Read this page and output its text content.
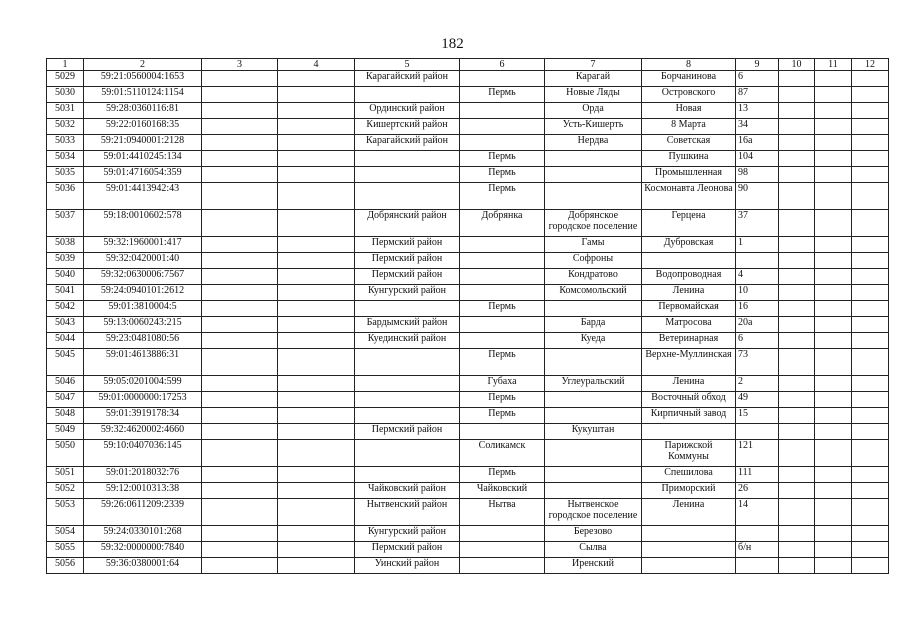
182
1	2	3	4	5	6	7	8	9	10	11	12
5029	59:21:0560004:1653			Карагайский район		Карагай	Борчанинова	6			
5030	59:01:5110124:1154				Пермь	Новые Ляды	Островского	87			
5031	59:28:0360116:81			Ординский район		Орда	Новая	13			
5032	59:22:0160168:35			Кишертский район		Усть-Кишерть	8 Марта	34			
5033	59:21:0940001:2128			Карагайский район		Нердва	Советская	16а			
5034	59:01:4410245:134				Пермь		Пушкина	104			
5035	59:01:4716054:359				Пермь		Промышленная	98			
5036	59:01:4413942:43				Пермь		Космонавта Леонова	90			
5037	59:18:0010602:578			Добрянский район	Добрянка	Добрянское городское поселение	Герцена	37			
5038	59:32:1960001:417			Пермский район		Гамы	Дубровская	1			
5039	59:32:0420001:40			Пермский район		Софроны					
5040	59:32:0630006:7567			Пермский район		Кондратово	Водопроводная	4			
5041	59:24:0940101:2612			Кунгурский район		Комсомольский	Ленина	10			
5042	59:01:3810004:5				Пермь		Первомайская	16			
5043	59:13:0060243:215			Бардымский район		Барда	Матросова	20а			
5044	59:23:0481080:56			Куединский район		Куеда	Ветеринарная	6			
5045	59:01:4613886:31				Пермь		Верхне-Муллинская	73			
5046	59:05:0201004:599				Губаха	Углеуральский	Ленина	2			
5047	59:01:0000000:17253				Пермь		Восточный обход	49			
5048	59:01:3919178:34				Пермь		Кирпичный завод	15			
5049	59:32:4620002:4660			Пермский район		Кукуштан					
5050	59:10:0407036:145				Соликамск		Парижской Коммуны	121			
5051	59:01:2018032:76				Пермь		Спешилова	111			
5052	59:12:0010313:38			Чайковский район	Чайковский		Приморский	26			
5053	59:26:0611209:2339			Нытвенский район	Нытва	Нытвенское городское поселение	Ленина	14			
5054	59:24:0330101:268			Кунгурский район		Березово					
5055	59:32:0000000:7840			Пермский район		Сылва		б/н			
5056	59:36:0380001:64			Уинский район		Иренский					
